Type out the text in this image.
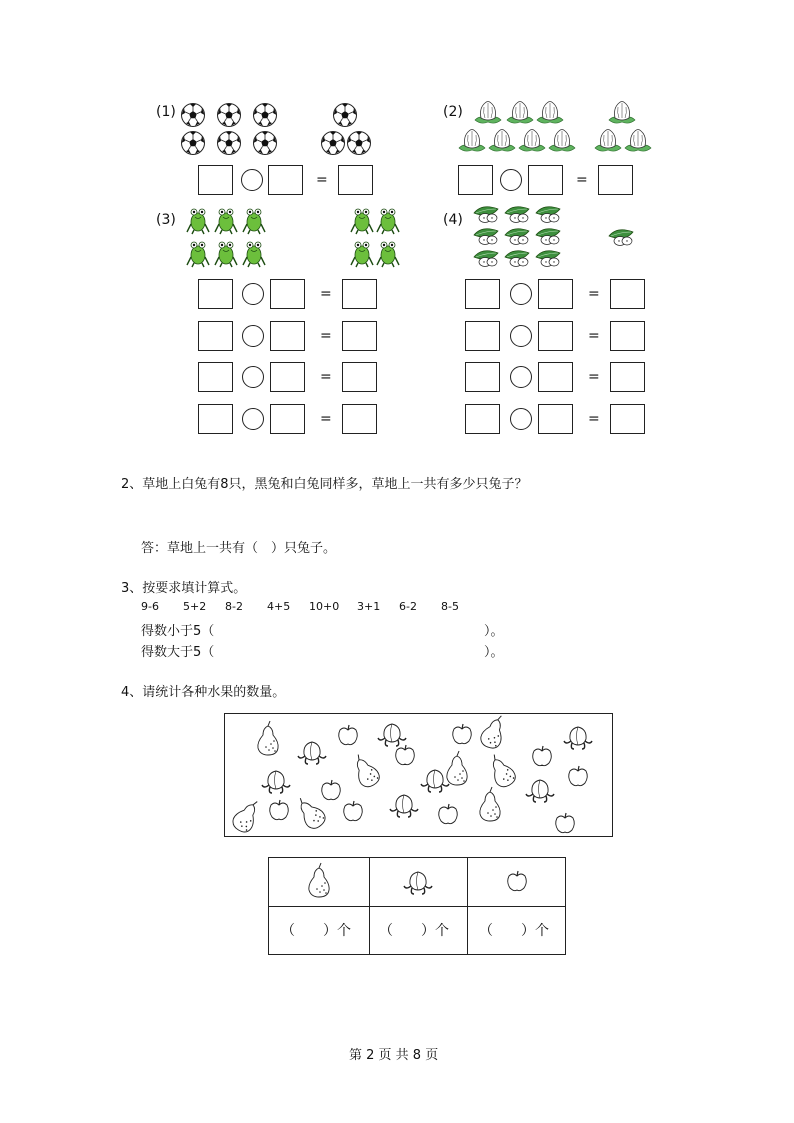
(1)	(2)
(3)	(4)
=	=
=
=
=
=
=
=
=
=
2、草地上白兔有8只，黑兔和白兔同样多，草地上一共有多少只兔子？
答：草地上一共有（　）只兔子。
3、按要求填计算式。
9-6 5+2 8-2 4+5 10+0 3+1 6-2 8-5
得数小于5（	）。
得数大于5（	）。
4、请统计各种水果的数量。
（　　）个 （　　）个 （　　）个
第 2 页 共 8 页
